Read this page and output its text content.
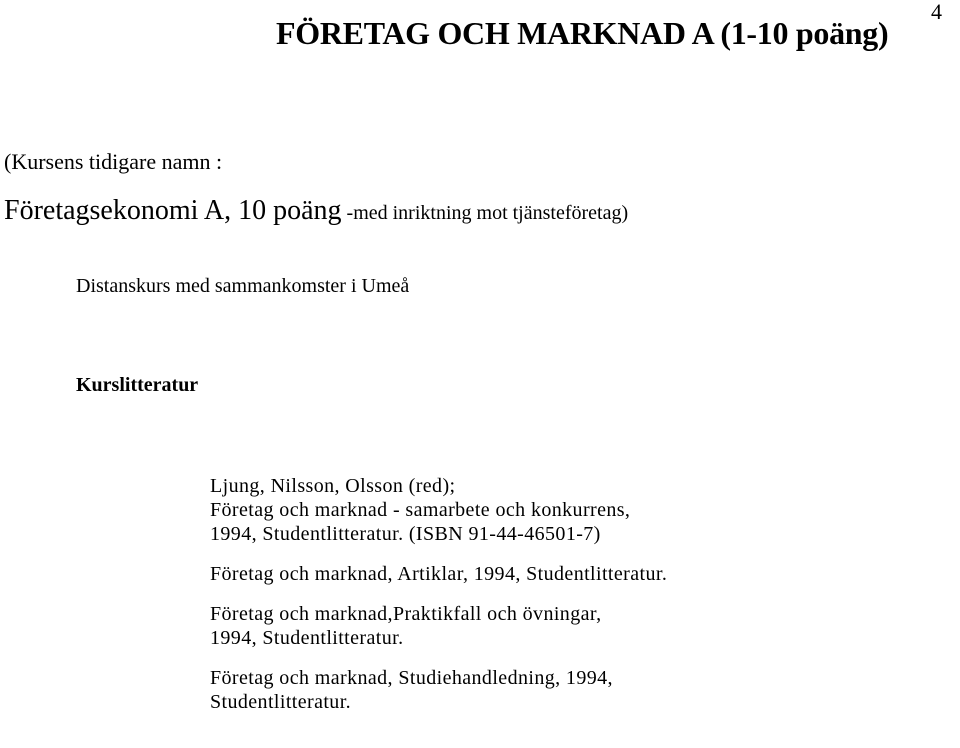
4
FÖRETAG OCH MARKNAD A (1-10 poäng)
(Kursens tidigare namn :
Företagsekonomi A, 10 poäng -med inriktning mot tjänsteföretag)
Distanskurs med sammankomster i Umeå
Kurslitteratur
Ljung, Nilsson, Olsson (red);
Företag och marknad - samarbete och konkurrens,
1994, Studentlitteratur. (ISBN 91-44-46501-7)
Företag och marknad, Artiklar, 1994, Studentlitteratur.
Företag och marknad,Praktikfall och övningar,
1994, Studentlitteratur.
Företag och marknad, Studiehandledning, 1994,
Studentlitteratur.
